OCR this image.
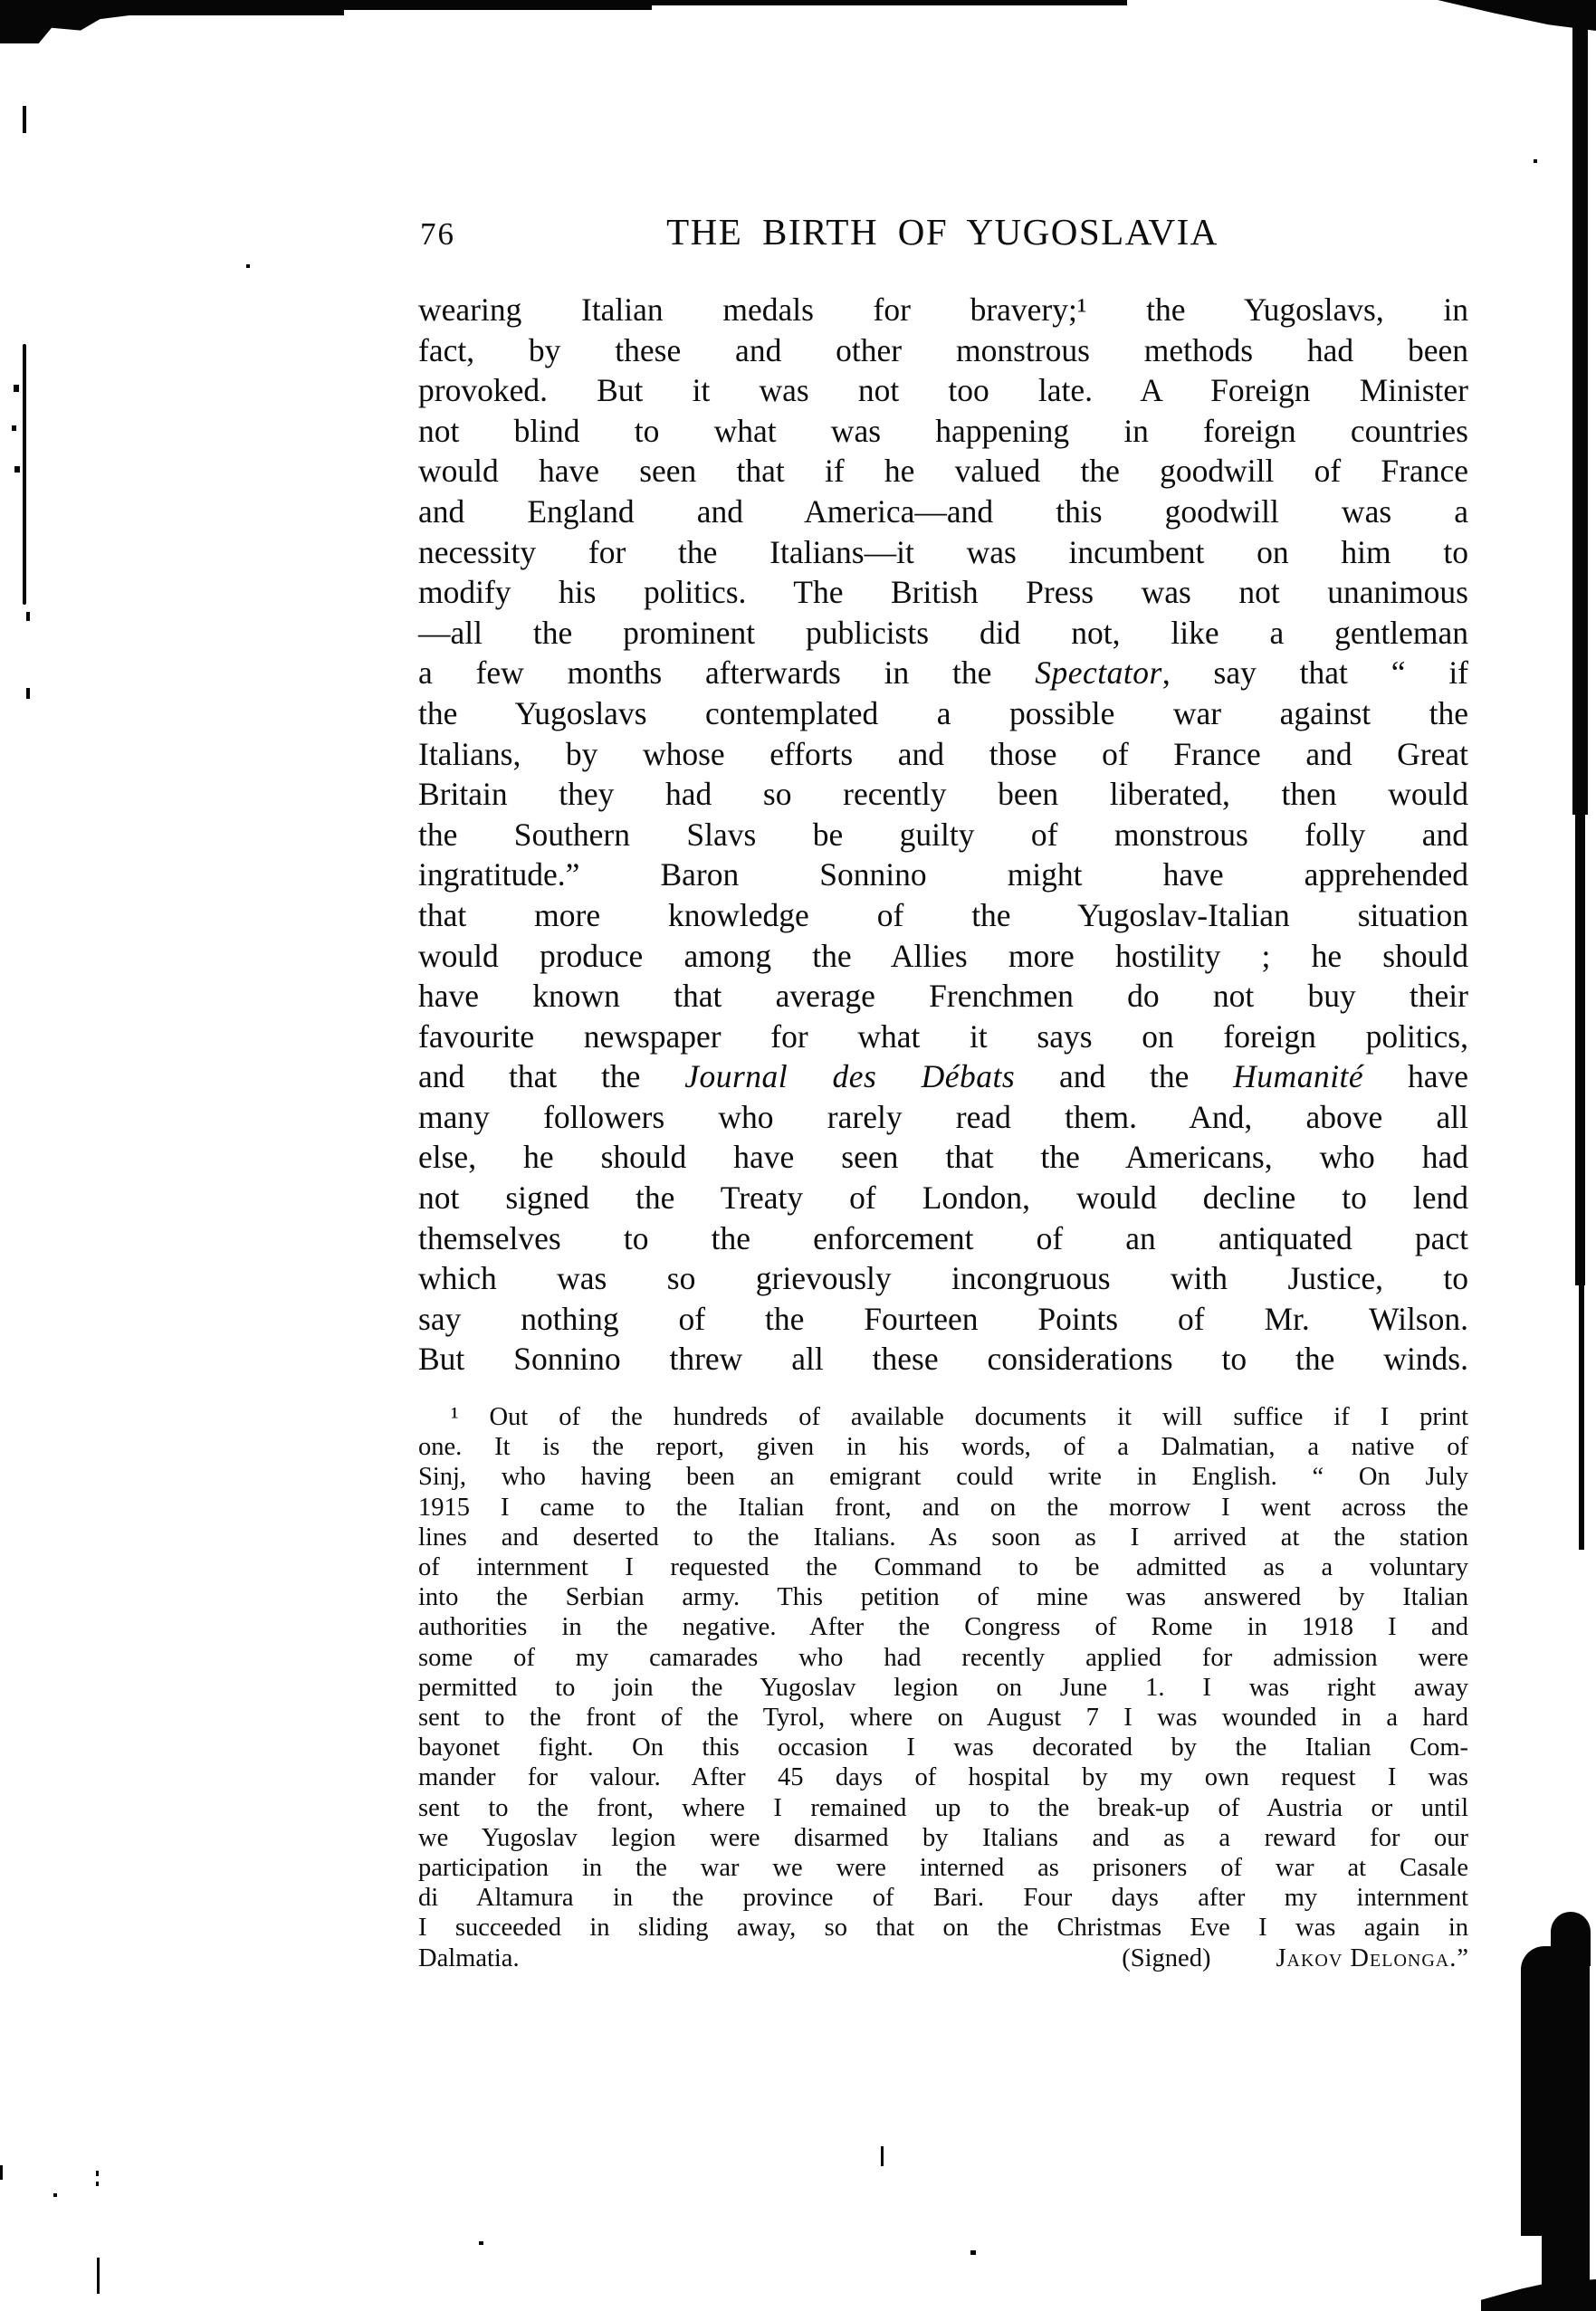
76	THE BIRTH OF YUGOSLAVIA
wearing Italian medals for bravery;¹ the Yugoslavs, in
fact, by these and other monstrous methods had been
provoked. But it was not too late. A Foreign Minister
not blind to what was happening in foreign countries
would have seen that if he valued the goodwill of France
and England and America—and this goodwill was a
necessity for the Italians—it was incumbent on him to
modify his politics. The British Press was not unanimous
—all the prominent publicists did not, like a gentleman
a few months afterwards in the Spectator, say that “ if
the Yugoslavs contemplated a possible war against the
Italians, by whose efforts and those of France and Great
Britain they had so recently been liberated, then would
the Southern Slavs be guilty of monstrous folly and
ingratitude.” Baron Sonnino might have apprehended
that more knowledge of the Yugoslav-Italian situation
would produce among the Allies more hostility ; he should
have known that average Frenchmen do not buy their
favourite newspaper for what it says on foreign politics,
and that the Journal des Débats and the Humanité have
many followers who rarely read them. And, above all
else, he should have seen that the Americans, who had
not signed the Treaty of London, would decline to lend
themselves to the enforcement of an antiquated pact
which was so grievously incongruous with Justice, to
say nothing of the Fourteen Points of Mr. Wilson.
But Sonnino threw all these considerations to the winds.
¹ Out of the hundreds of available documents it will suffice if I print
one. It is the report, given in his words, of a Dalmatian, a native of
Sinj, who having been an emigrant could write in English. “ On July
1915 I came to the Italian front, and on the morrow I went across the
lines and deserted to the Italians. As soon as I arrived at the station
of internment I requested the Command to be admitted as a voluntary
into the Serbian army. This petition of mine was answered by Italian
authorities in the negative. After the Congress of Rome in 1918 I and
some of my camarades who had recently applied for admission were
permitted to join the Yugoslav legion on June 1. I was right away
sent to the front of the Tyrol, where on August 7 I was wounded in a hard
bayonet fight. On this occasion I was decorated by the Italian Com-
mander for valour. After 45 days of hospital by my own request I was
sent to the front, where I remained up to the break-up of Austria or until
we Yugoslav legion were disarmed by Italians and as a reward for our
participation in the war we were interned as prisoners of war at Casale
di Altamura in the province of Bari. Four days after my internment
I succeeded in sliding away, so that on the Christmas Eve I was again in
Dalmatia.	(Signed)	Jakov Delonga.”
